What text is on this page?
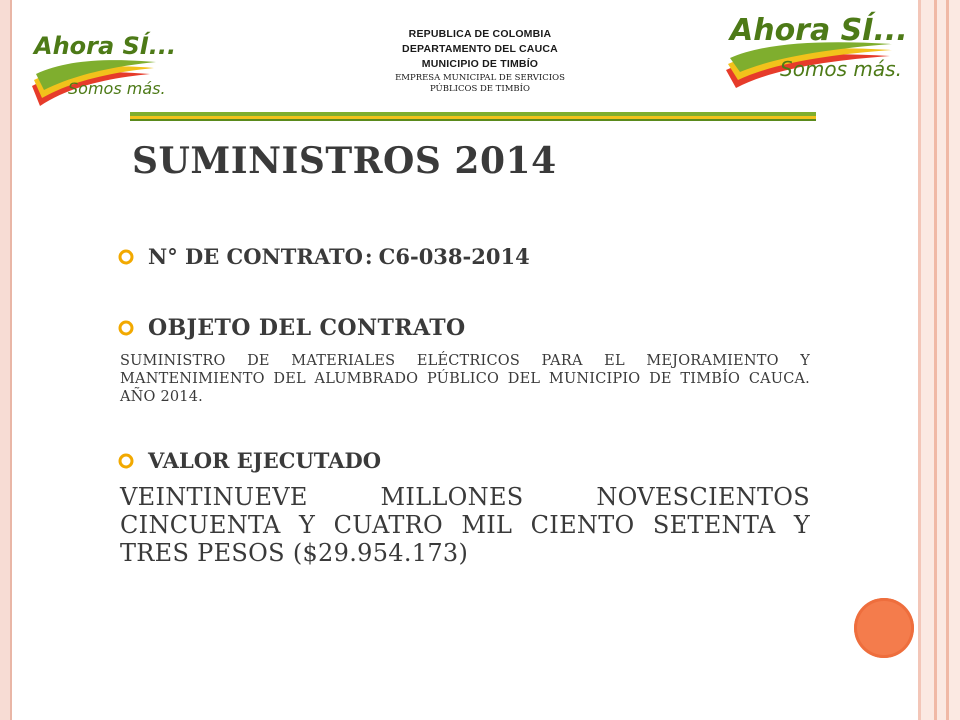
Ahora SÍ...
Somos más.
Ahora SÍ...
Somos más.
REPUBLICA DE COLOMBIA
DEPARTAMENTO DEL CAUCA
MUNICIPIO DE TIMBÍO
EMPRESA MUNICIPAL DE SERVICIOS
PÚBLICOS DE TIMBÍO
SUMINISTROS 2014
N° DE CONTRATO : C6-038-2014
OBJETO DEL CONTRATO
SUMINISTRO DE MATERIALES ELÉCTRICOS PARA EL MEJORAMIENTO Y MANTENIMIENTO DEL ALUMBRADO PÚBLICO DEL MUNICIPIO DE TIMBÍO CAUCA. AÑO 2014.
VALOR EJECUTADO
VEINTINUEVE MILLONES NOVESCIENTOS CINCUENTA Y CUATRO MIL CIENTO SETENTA Y TRES PESOS ($29.954.173)
